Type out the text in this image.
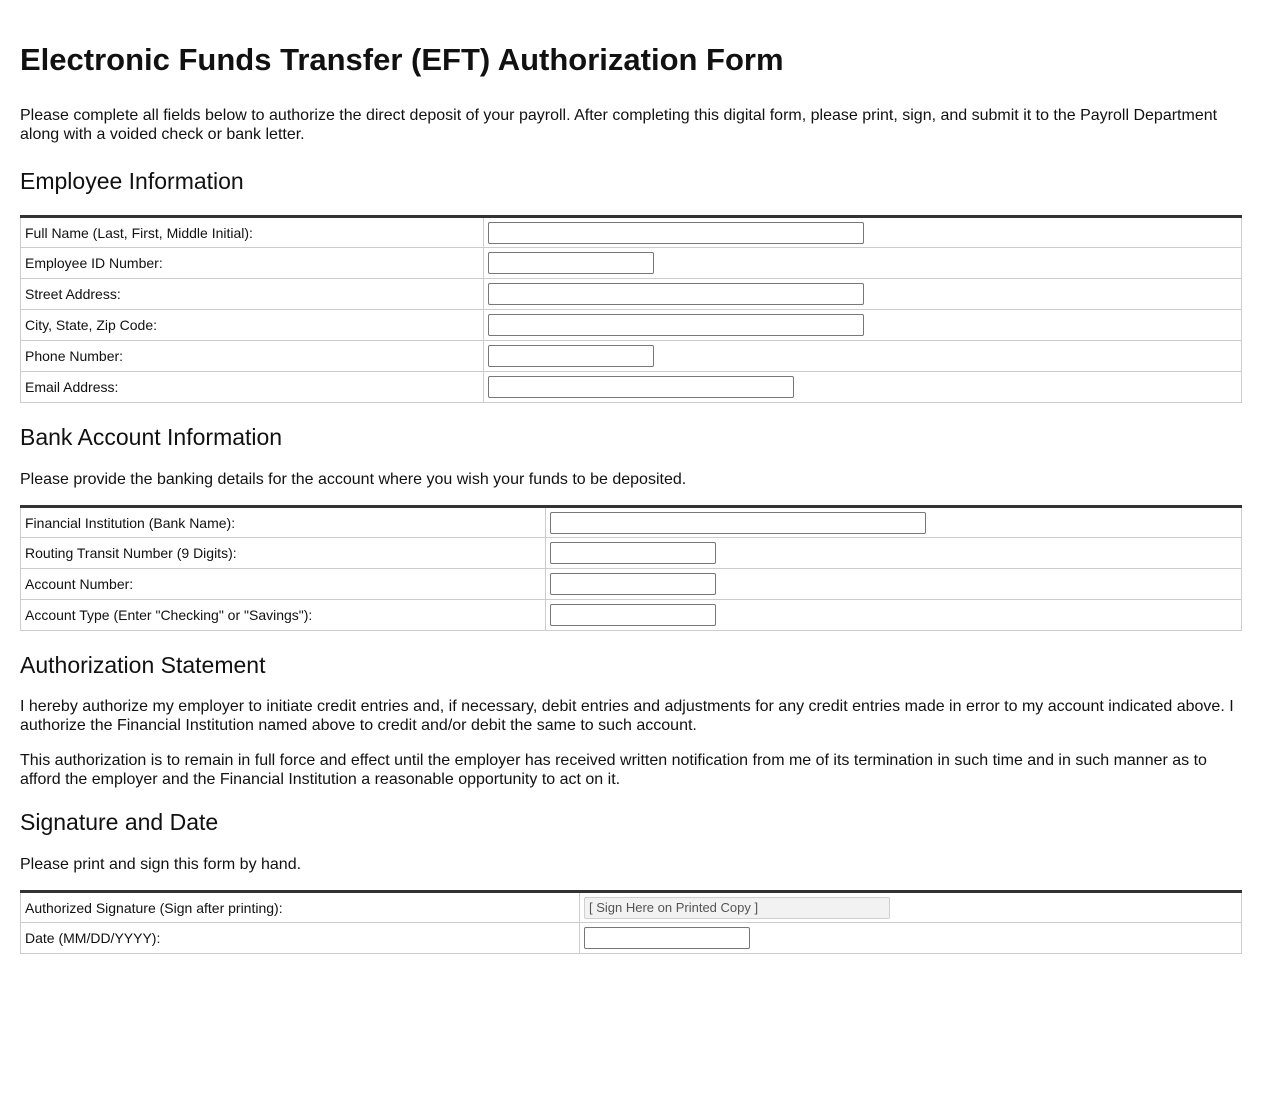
Electronic Funds Transfer (EFT) Authorization Form

Please complete all fields below to authorize the direct deposit of your payroll. After completing this digital form, please print, sign, and submit it to the Payroll Department along with a voided check or bank letter.

Employee Information
Full Name (Last, First, Middle Initial):	

Employee ID Number:	

Street Address:	

City, State, Zip Code:	

Phone Number:	

Email Address:	
Bank Account Information

Please provide the banking details for the account where you wish your funds to be deposited.

Financial Institution (Bank Name):	

Routing Transit Number (9 Digits):	

Account Number:	

Account Type (Enter "Checking" or "Savings"):	
Authorization Statement

I hereby authorize my employer to initiate credit entries and, if necessary, debit entries and adjustments for any credit entries made in error to my account indicated above. I authorize the Financial Institution named above to credit and/or debit the same to such account.

This authorization is to remain in full force and effect until the employer has received written notification from me of its termination in such time and in such manner as to afford the employer and the Financial Institution a reasonable opportunity to act on it.

Signature and Date

Please print and sign this form by hand.

Authorized Signature (Sign after printing):	
[ Sign Here on Printed Copy ]
Date (MM/DD/YYYY):	
